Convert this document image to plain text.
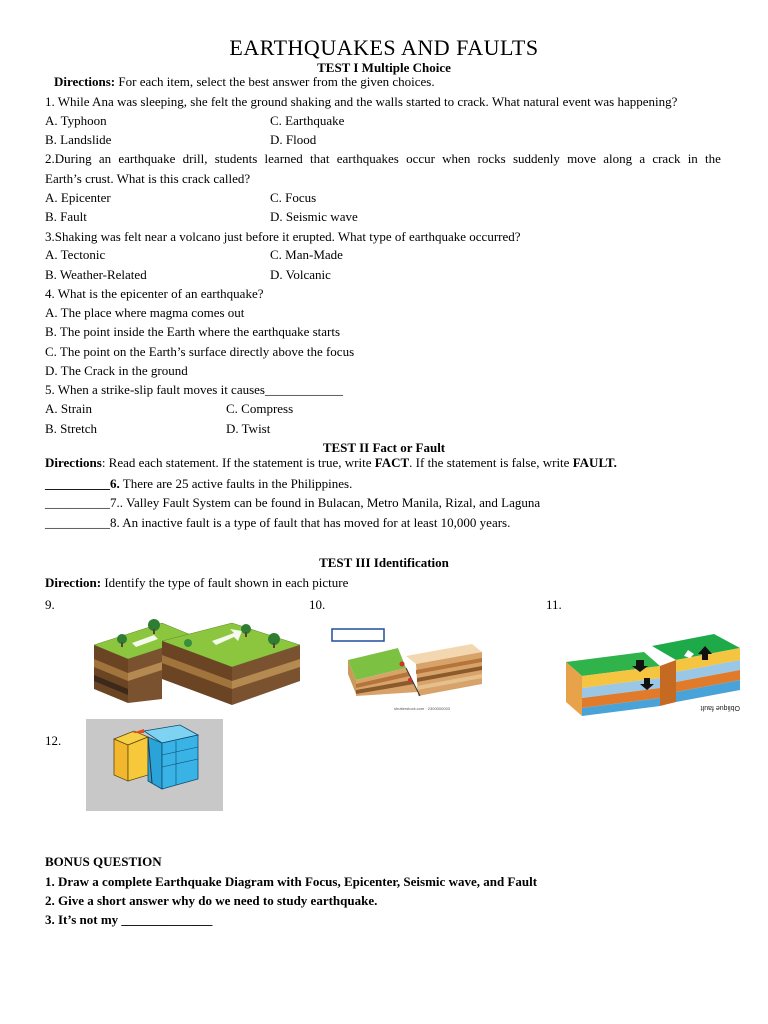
EARTHQUAKES AND FAULTS
TEST I Multiple Choice
Directions: For each item, select the best answer from the given choices.
1. While Ana was sleeping, she felt the ground shaking and the walls started to crack. What natural event was happening?
A. Typhoon	C. Earthquake
B. Landslide	D. Flood
2.During an earthquake drill, students learned that earthquakes occur when rocks suddenly move along a crack in the
Earth’s crust. What is this crack called?
A. Epicenter	C. Focus
B. Fault	D. Seismic wave
3.Shaking was felt near a volcano just before it erupted. What type of earthquake occurred?
A. Tectonic	C. Man-Made
B. Weather-Related	D. Volcanic
4. What is the epicenter of an earthquake?
A. The place where magma comes out
B. The point inside the Earth where the earthquake starts
C. The point on the Earth’s surface directly above the focus
D. The Crack in the ground
5. When a strike-slip fault moves it causes____________
A. Strain	C. Compress
B. Stretch	D. Twist
TEST II Fact or Fault
Directions: Read each statement. If the statement is true, write FACT. If the statement is false, write FAULT.
__________6. There are 25 active faults in the Philippines.
__________7.. Valley Fault System can be found in Bulacan, Metro Manila, Rizal, and Laguna
__________8. An inactive fault is a type of fault that has moved for at least 10,000 years.
TEST III Identification
Direction: Identify the type of fault shown in each picture
9.	10.	11.
12.
shutterstock.com · 2300000003	Oblique fault
BONUS QUESTION
1. Draw a complete Earthquake Diagram with Focus, Epicenter, Seismic wave, and Fault
2. Give a short answer why do we need to study earthquake.
3. It’s not my ______________
